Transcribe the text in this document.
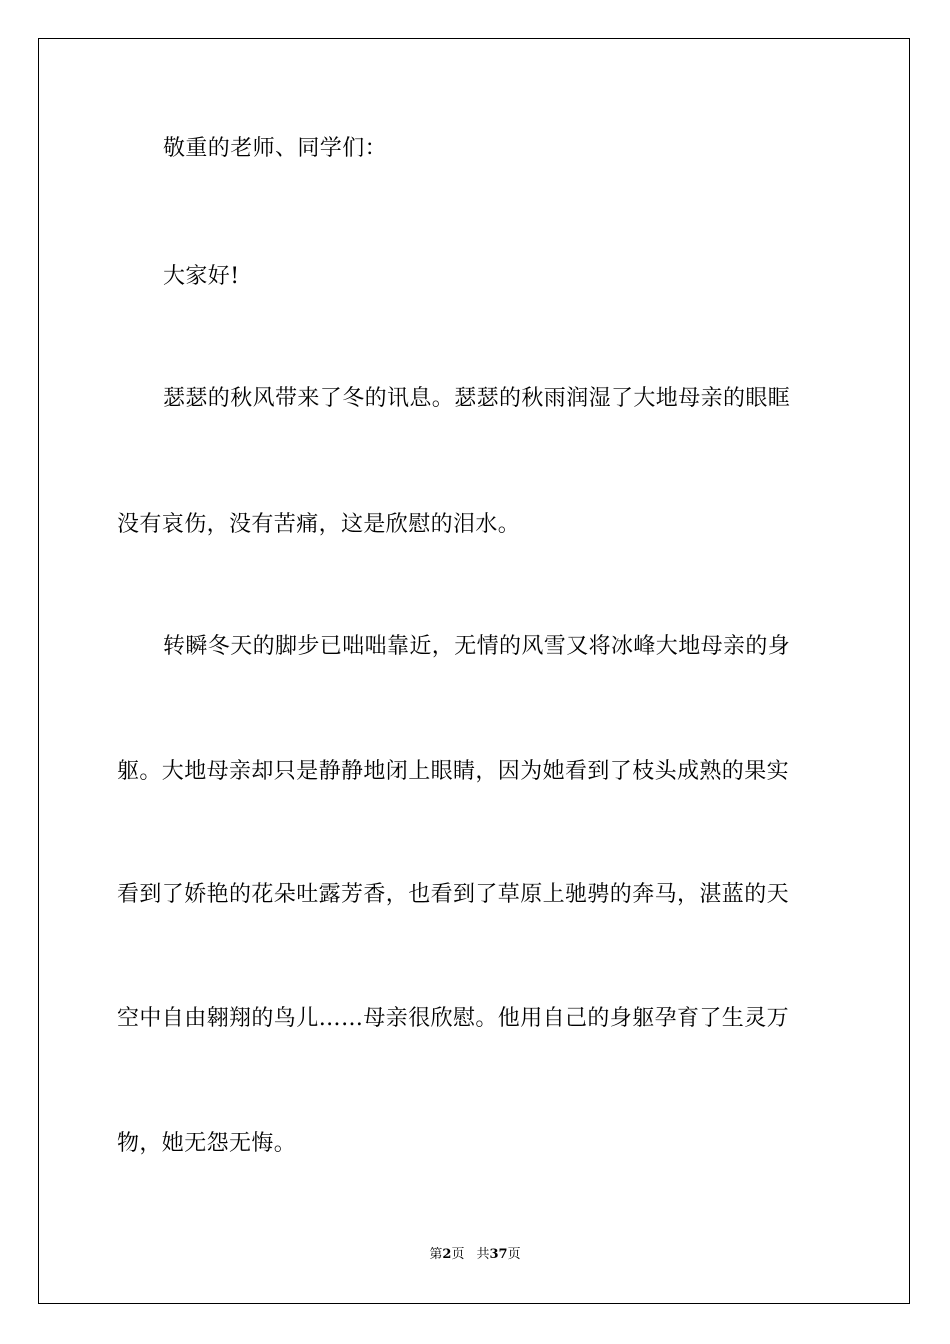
敬重的老师、同学们：
大家好!
瑟瑟的秋风带来了冬的讯息。瑟瑟的秋雨润湿了大地母亲的眼眶
没有哀伤，没有苦痛，这是欣慰的泪水。
转瞬冬天的脚步已咄咄靠近，无情的风雪又将冰峰大地母亲的身
躯。大地母亲却只是静静地闭上眼睛，因为她看到了枝头成熟的果实
看到了娇艳的花朵吐露芳香，也看到了草原上驰骋的奔马，湛蓝的天
空中自由翱翔的鸟儿……母亲很欣慰。他用自己的身躯孕育了生灵万
物，她无怨无悔。
第2页 共37页
